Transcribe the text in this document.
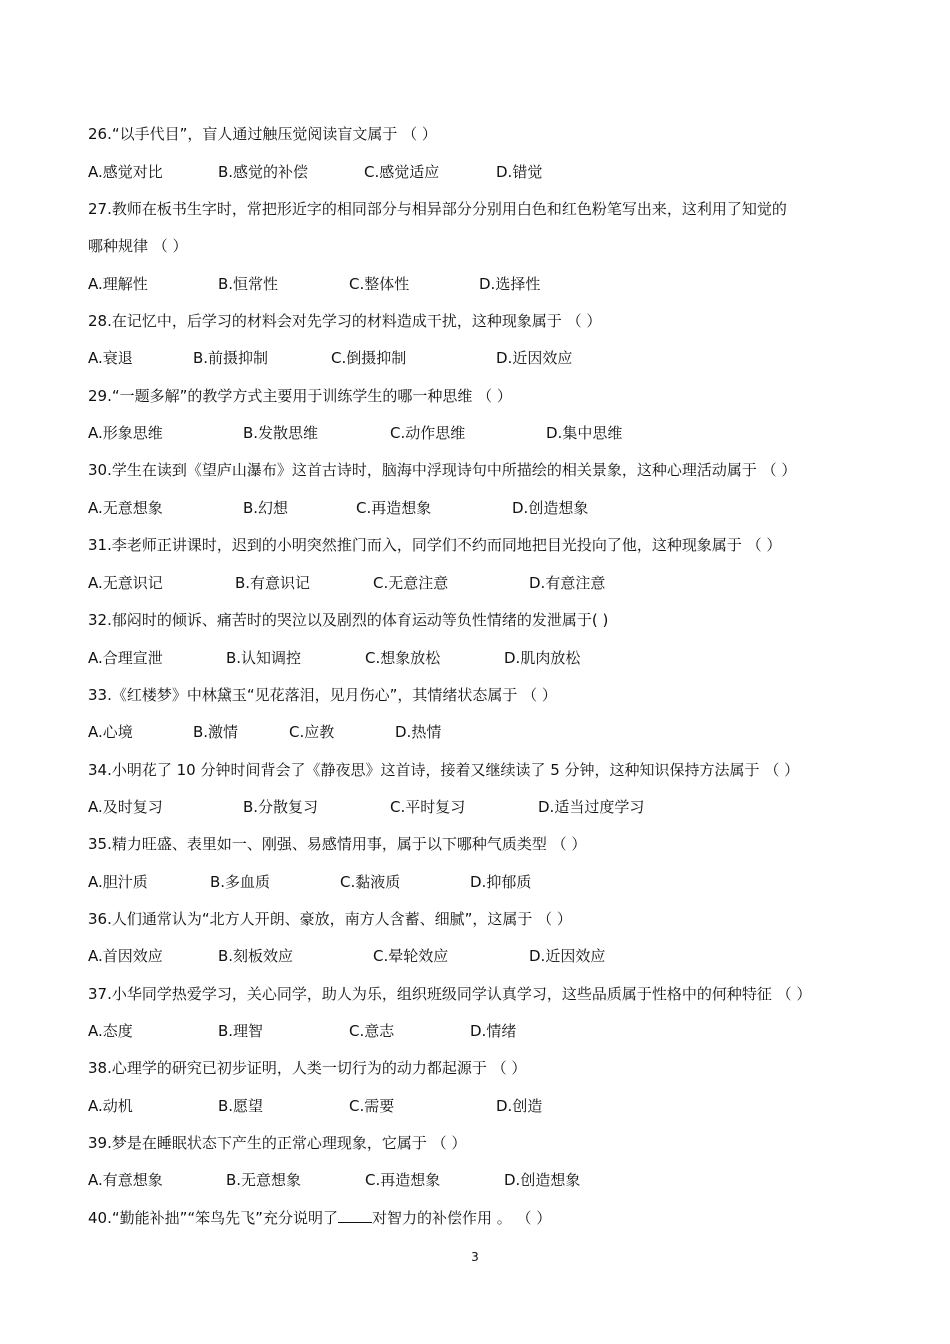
26.“以手代目”，盲人通过触压觉阅读盲文属于 （ ）
A.感觉对比	B.感觉的补偿	C.感觉适应	D.错觉
27.教师在板书生字时，常把形近字的相同部分与相异部分分别用白色和红色粉笔写出来，这利用了知觉的
哪种规律 （ ）
A.理解性	B.恒常性	C.整体性	D.选择性
28.在记忆中，后学习的材料会对先学习的材料造成干扰，这种现象属于 （ ）
A.衰退	B.前摄抑制	C.倒摄抑制	D.近因效应
29.“一题多解”的教学方式主要用于训练学生的哪一种思维 （ ）
A.形象思维	B.发散思维	C.动作思维	D.集中思维
30.学生在读到《望庐山瀑布》这首古诗时，脑海中浮现诗句中所描绘的相关景象，这种心理活动属于 （ ）
A.无意想象	B.幻想	C.再造想象	D.创造想象
31.李老师正讲课时，迟到的小明突然推门而入，同学们不约而同地把目光投向了他，这种现象属于 （ ）
A.无意识记	B.有意识记	C.无意注意	D.有意注意
32.郁闷时的倾诉、痛苦时的哭泣以及剧烈的体育运动等负性情绪的发泄属于( )
A.合理宣泄	B.认知调控	C.想象放松	D.肌肉放松
33.《红楼梦》中林黛玉“见花落泪，见月伤心”，其情绪状态属于 （ ）
A.心境	B.激情	C.应教	D.热情
34.小明花了 10 分钟时间背会了《静夜思》这首诗，接着又继续读了 5 分钟，这种知识保持方法属于 （ ）
A.及时复习	B.分散复习	C.平时复习	D.适当过度学习
35.精力旺盛、表里如一、刚强、易感情用事，属于以下哪种气质类型 （ ）
A.胆汁质	B.多血质	C.黏液质	D.抑郁质
36.人们通常认为“北方人开朗、豪放，南方人含蓄、细腻”，这属于 （ ）
A.首因效应	B.刻板效应	C.晕轮效应	D.近因效应
37.小华同学热爱学习，关心同学，助人为乐，组织班级同学认真学习，这些品质属于性格中的何种特征 （ ）
A.态度	B.理智	C.意志	D.情绪
38.心理学的研究已初步证明，人类一切行为的动力都起源于 （ ）
A.动机	B.愿望	C.需要	D.创造
39.梦是在睡眠状态下产生的正常心理现象，它属于 （ ）
A.有意想象	B.无意想象	C.再造想象	D.创造想象
40.“勤能补拙”“笨鸟先飞”充分说明了 对智力的补偿作用 。 （ ）
3
